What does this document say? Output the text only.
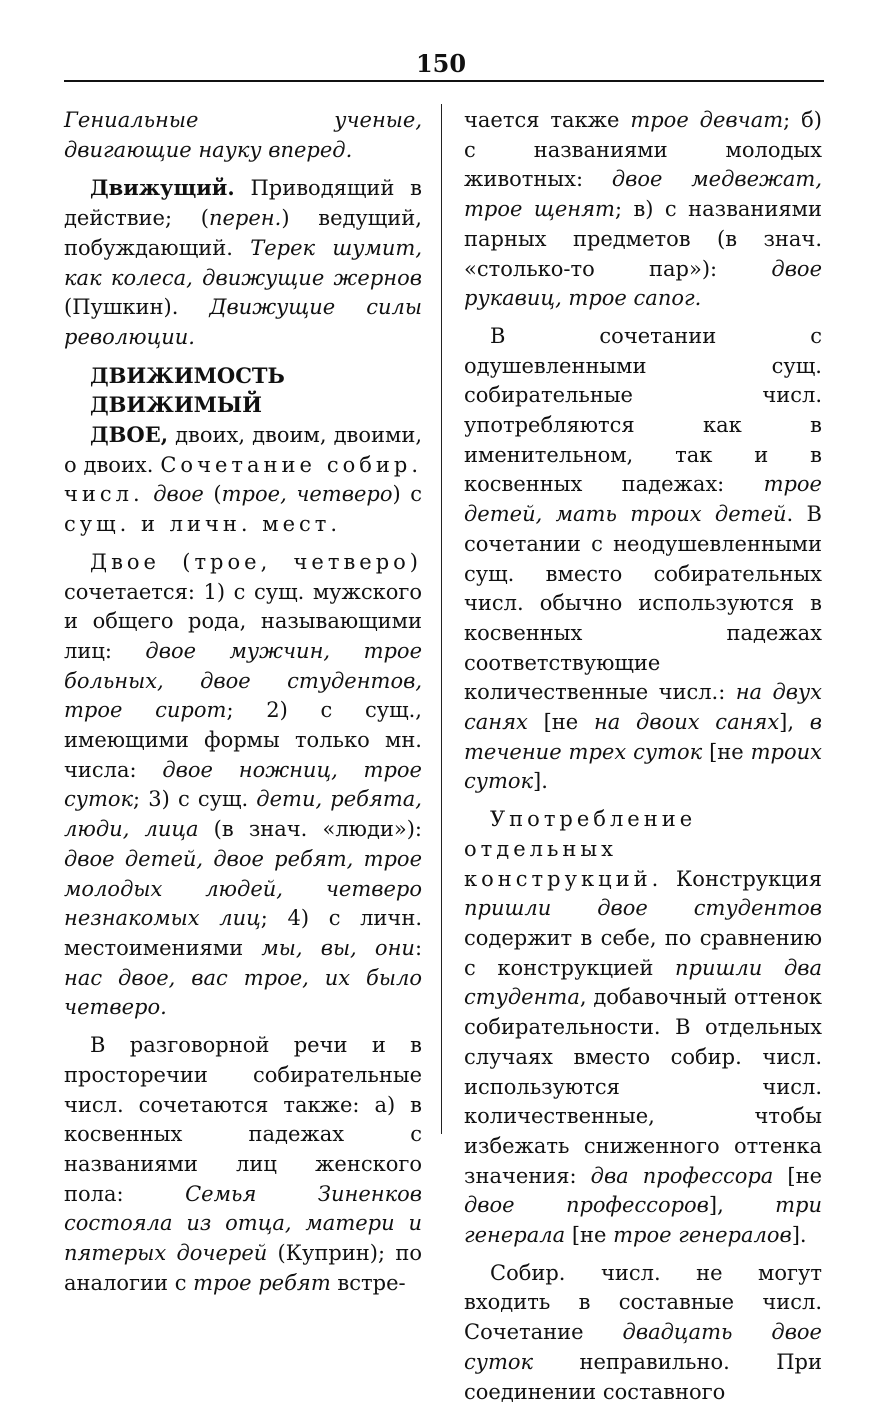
150

Гениальные ученые, двигающие науку вперед.

Движущий. Приводящий в действие; (перен.) ведущий, побуждающий. Терек шумит, как колеса, движущие жернов (Пушкин). Движущие силы революции.

ДВИЖИМОСТЬ

ДВИЖИМЫЙ

ДВОЕ, двоих, двоим, двоими, о двоих. Сочетание собир. числ. двое (трое, четверо) с сущ. и личн. мест.

Двое (трое, четверо) сочетается: 1) с сущ. мужского и общего рода, называющими лиц: двое мужчин, трое больных, двое студентов, трое сирот; 2) с сущ., имеющими формы только мн. числа: двое ножниц, трое суток; 3) с сущ. дети, ребята, люди, лица (в знач. «люди»): двое детей, двое ребят, трое молодых людей, четверо незнакомых лиц; 4) с личн. местоимениями мы, вы, они: нас двое, вас трое, их было четверо.

В разговорной речи и в просторечии собирательные числ. сочетаются также: а) в косвенных падежах с названиями лиц женского пола: Семья Зиненков состояла из отца, матери и пятерых дочерей (Куприн); по аналогии с трое ребят встре-

чается также трое девчат; б) с названиями молодых животных: двое медвежат, трое щенят; в) с названиями парных предметов (в знач. «столько-то пар»): двое рукавиц, трое сапог.

В сочетании с одушевленными сущ. собирательные числ. употребляются как в именительном, так и в косвенных падежах: трое детей, мать троих детей. В сочетании с неодушевленными сущ. вместо собирательных числ. обычно используются в косвенных падежах соответствующие количественные числ.: на двух санях [не на двоих санях], в течение трех суток [не троих суток].

Употребление отдельных конструкций. Конструкция пришли двое студентов содержит в себе, по сравнению с конструкцией пришли два студента, добавочный оттенок собирательности. В отдельных случаях вместо собир. числ. используются числ. количественные, чтобы избежать сниженного оттенка значения: два профессора [не двое профессоров], три генерала [не трое генералов].

Собир. числ. не могут входить в составные числ. Сочетание двадцать двое суток неправильно. При соединении составного
